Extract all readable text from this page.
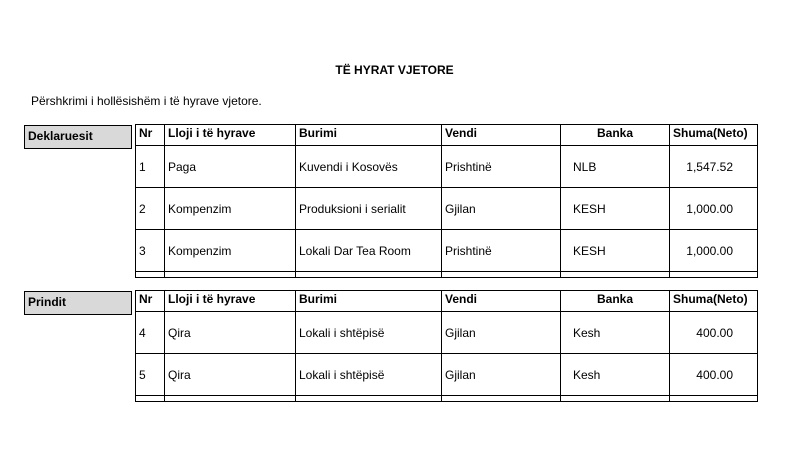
TË HYRAT VJETORE
Përshkrimi i hollësishëm i të hyrave vjetore.
Deklaruesit	Nr	Lloji i të hyrave	Burimi	Vendi	Banka	Shuma(Neto)
1	Paga	Kuvendi i Kosovës	Prishtinë	NLB	1,547.52
2	Kompenzim	Produksioni i serialit	Gjilan	KESH	1,000.00
3	Kompenzim	Lokali Dar Tea Room	Prishtinë	KESH	1,000.00

Prindit	Nr	Lloji i të hyrave	Burimi	Vendi	Banka	Shuma(Neto)
4	Qira	Lokali i shtëpisë	Gjilan	Kesh	400.00
5	Qira	Lokali i shtëpisë	Gjilan	Kesh	400.00
